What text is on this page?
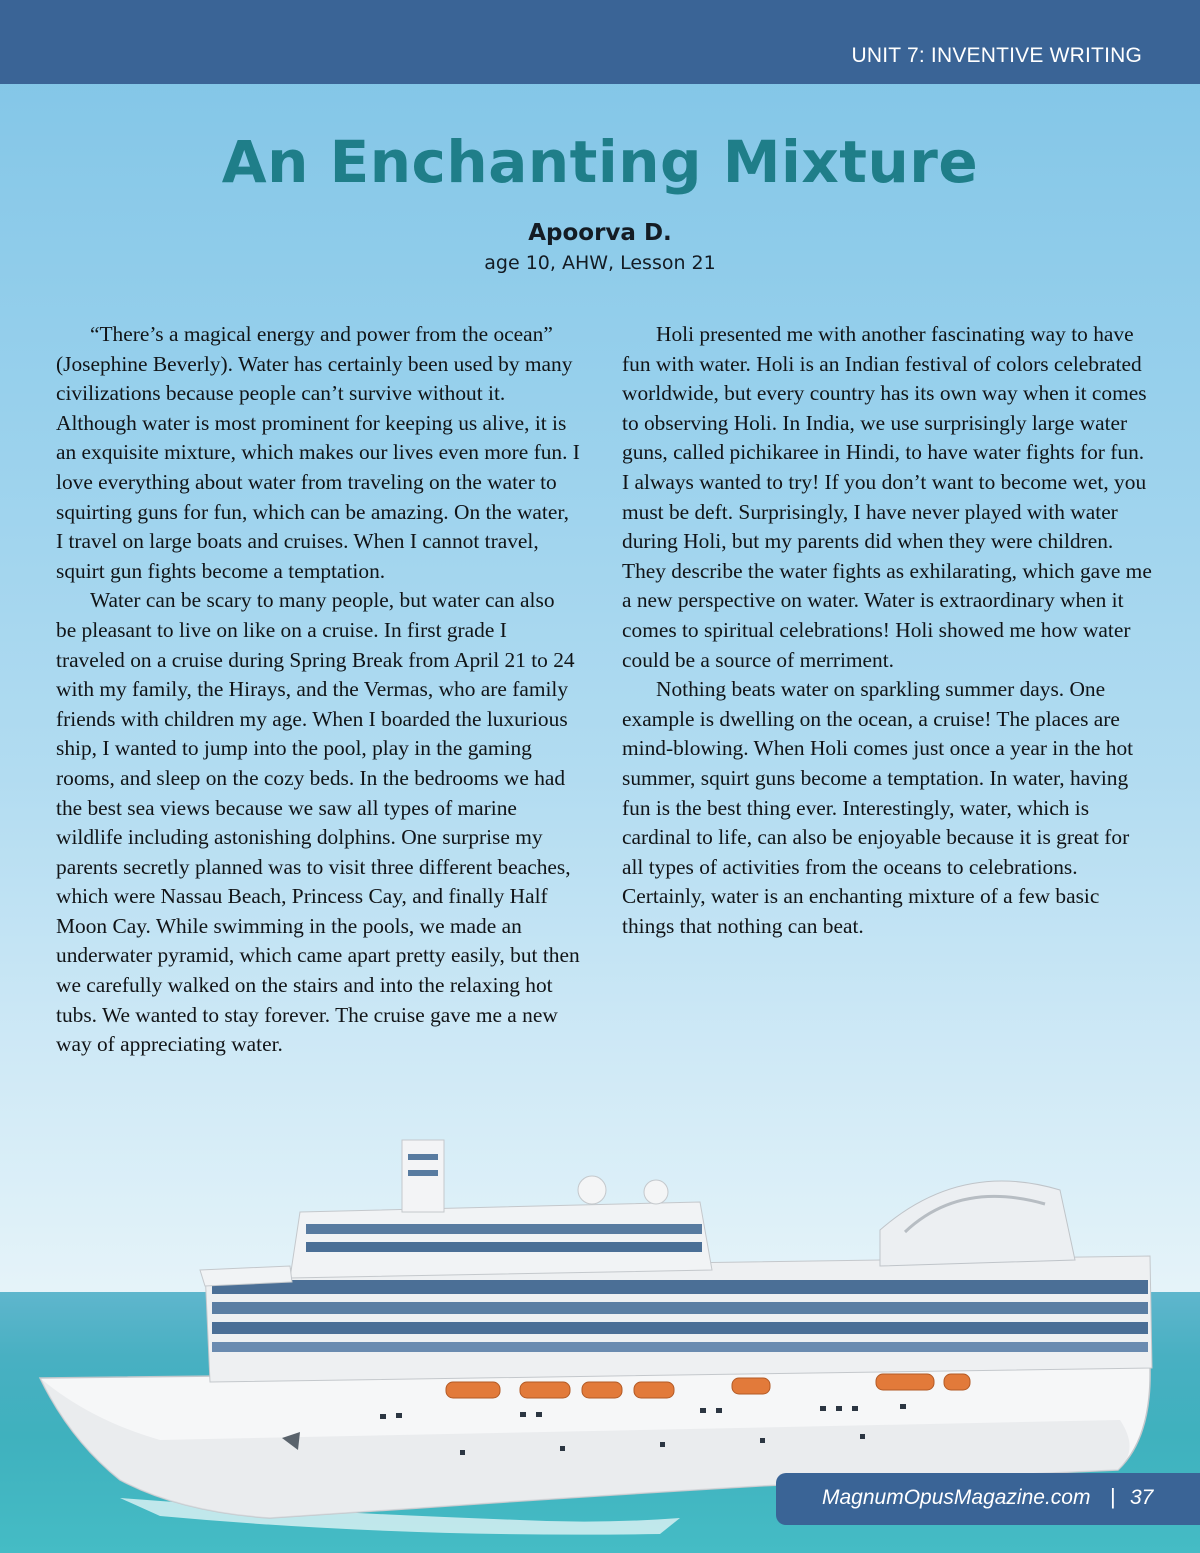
UNIT 7: INVENTIVE WRITING
An Enchanting Mixture
Apoorva D.
age 10, AHW, Lesson 21

“There’s a magical energy and power from the ocean” (Josephine Beverly). Water has certainly been used by many civilizations because people can’t survive without it. Although water is most prominent for keeping us alive, it is an exquisite mixture, which makes our lives even more fun. I love everything about water from traveling on the water to squirting guns for fun, which can be amazing. On the water, I travel on large boats and cruises. When I cannot travel, squirt gun fights become a temptation.

Water can be scary to many people, but water can also be pleasant to live on like on a cruise. In first grade I traveled on a cruise during Spring Break from April 21 to 24 with my family, the Hirays, and the Vermas, who are family friends with children my age. When I boarded the luxurious ship, I wanted to jump into the pool, play in the gaming rooms, and sleep on the cozy beds. In the bedrooms we had the best sea views because we saw all types of marine wildlife including astonishing dolphins. One surprise my parents secretly planned was to visit three different beaches, which were Nassau Beach, Princess Cay, and finally Half Moon Cay. While swimming in the pools, we made an underwater pyramid, which came apart pretty easily, but then we carefully walked on the stairs and into the relaxing hot tubs. We wanted to stay forever. The cruise gave me a new way of appreciating water.

Holi presented me with another fascinating way to have fun with water. Holi is an Indian festival of colors celebrated worldwide, but every country has its own way when it comes to observing Holi. In India, we use surprisingly large water guns, called pichikaree in Hindi, to have water fights for fun. I always wanted to try! If you don’t want to become wet, you must be deft. Surprisingly, I have never played with water during Holi, but my parents did when they were children. They describe the water fights as exhilarating, which gave me a new perspective on water. Water is extraordinary when it comes to spiritual celebrations! Holi showed me how water could be a source of merriment.

Nothing beats water on sparkling summer days. One example is dwelling on the ocean, a cruise! The places are mind-blowing. When Holi comes just once a year in the hot summer, squirt guns become a temptation. In water, having fun is the best thing ever. Interestingly, water, which is cardinal to life, can also be enjoyable because it is great for all types of activities from the oceans to celebrations. Certainly, water is an enchanting mixture of a few basic things that nothing can beat.

MagnumOpusMagazine.com | 37
